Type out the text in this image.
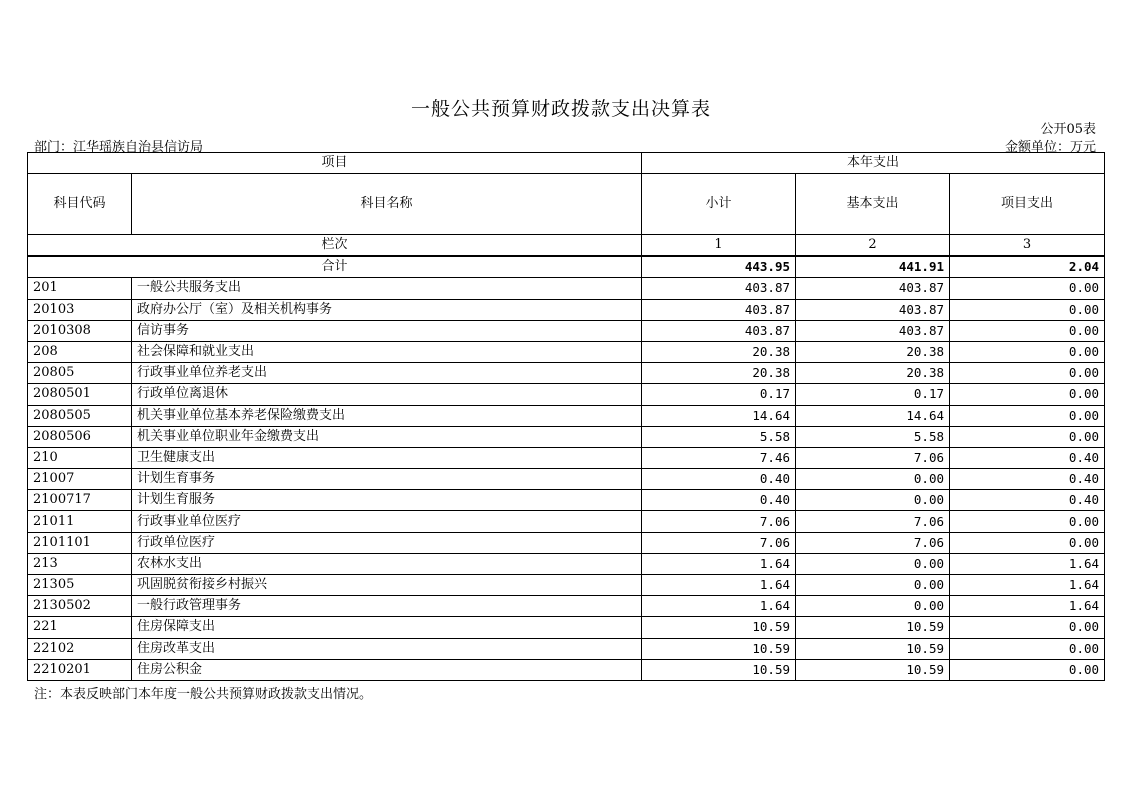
一般公共预算财政拨款支出决算表
公开05表
部门：江华瑶族自治县信访局	金额单位：万元
项目		本年支出		
科目代码	科目名称	小计	基本支出	项目支出
栏次		1	2	3
合计		443.95	441.91	2.04
201	一般公共服务支出	403.87	403.87	0.00
20103	政府办公厅（室）及相关机构事务	403.87	403.87	0.00
2010308	信访事务	403.87	403.87	0.00
208	社会保障和就业支出	20.38	20.38	0.00
20805	行政事业单位养老支出	20.38	20.38	0.00
2080501	行政单位离退休	0.17	0.17	0.00
2080505	机关事业单位基本养老保险缴费支出	14.64	14.64	0.00
2080506	机关事业单位职业年金缴费支出	5.58	5.58	0.00
210	卫生健康支出	7.46	7.06	0.40
21007	计划生育事务	0.40	0.00	0.40
2100717	计划生育服务	0.40	0.00	0.40
21011	行政事业单位医疗	7.06	7.06	0.00
2101101	行政单位医疗	7.06	7.06	0.00
213	农林水支出	1.64	0.00	1.64
21305	巩固脱贫衔接乡村振兴	1.64	0.00	1.64
2130502	一般行政管理事务	1.64	0.00	1.64
221	住房保障支出	10.59	10.59	0.00
22102	住房改革支出	10.59	10.59	0.00
2210201	住房公积金	10.59	10.59	0.00
注：本表反映部门本年度一般公共预算财政拨款支出情况。
